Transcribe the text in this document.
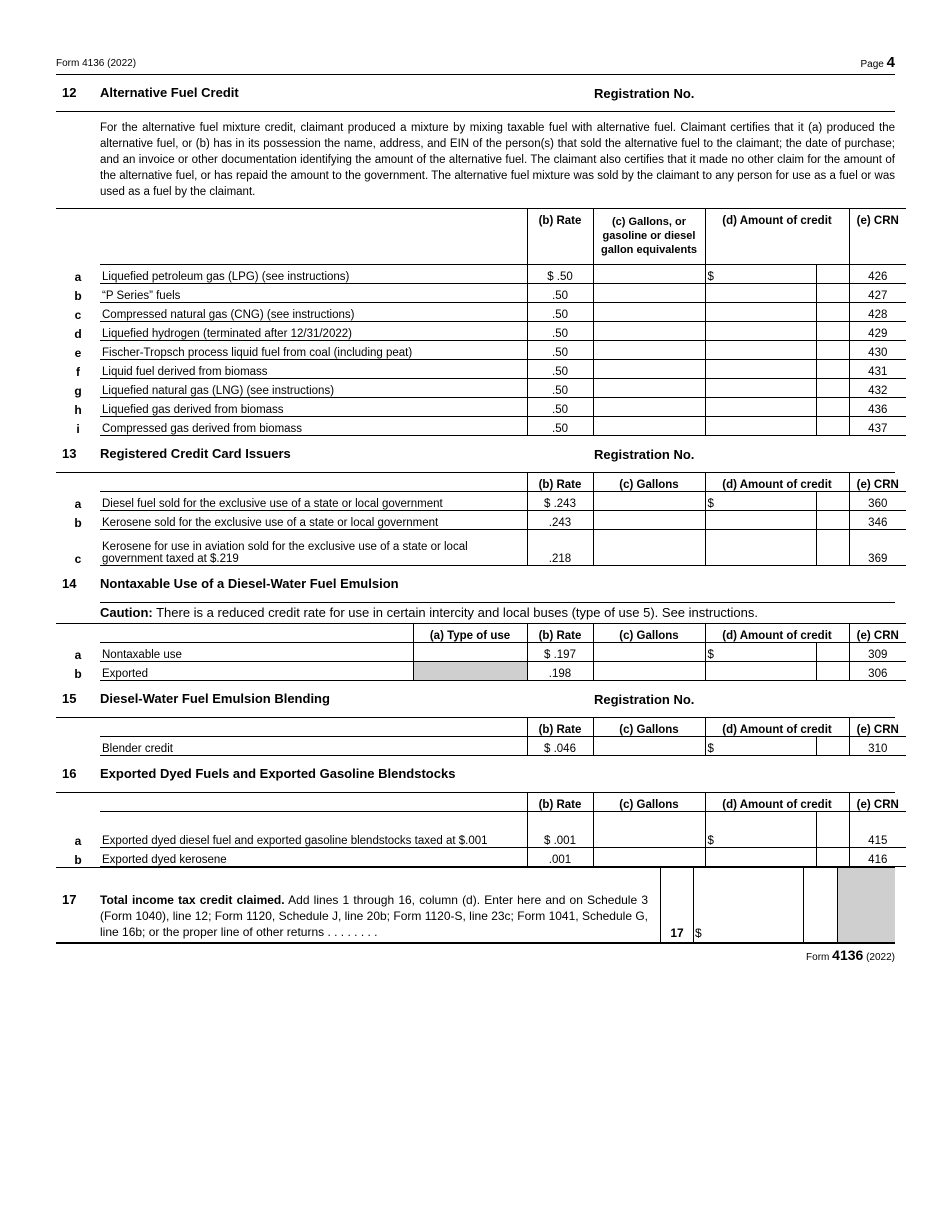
Form 4136 (2022)	Page 4
12 Alternative Fuel Credit	Registration No.
For the alternative fuel mixture credit, claimant produced a mixture by mixing taxable fuel with alternative fuel. Claimant certifies that it (a) produced the alternative fuel, or (b) has in its possession the name, address, and EIN of the person(s) that sold the alternative fuel to the claimant; the date of purchase; and an invoice or other documentation identifying the amount of the alternative fuel. The claimant also certifies that it made no other claim for the amount of the alternative fuel, or has repaid the amount to the government. The alternative fuel mixture was sold by the claimant to any person for use as a fuel or was used as a fuel by the claimant.
		(b) Rate	(c) Gallons, or gasoline or diesel gallon equivalents	(d) Amount of credit		(e) CRN
a	Liquefied petroleum gas (LPG) (see instructions)	$ .50		$		426
b	“P Series” fuels	.50				427
c	Compressed natural gas (CNG) (see instructions)	.50				428
d	Liquefied hydrogen (terminated after 12/31/2022)	.50				429
e	Fischer-Tropsch process liquid fuel from coal (including peat)	.50				430
f	Liquid fuel derived from biomass	.50				431
g	Liquefied natural gas (LNG) (see instructions)	.50				432
h	Liquefied gas derived from biomass	.50				436
i	Compressed gas derived from biomass	.50				437
13 Registered Credit Card Issuers	Registration No.
		(b) Rate	(c) Gallons	(d) Amount of credit		(e) CRN
a	Diesel fuel sold for the exclusive use of a state or local government	$ .243		$		360
b	Kerosene sold for the exclusive use of a state or local government	.243				346
c	Kerosene for use in aviation sold for the exclusive use of a state or local government taxed at $.219	.218				369
14 Nontaxable Use of a Diesel-Water Fuel Emulsion
Caution: There is a reduced credit rate for use in certain intercity and local buses (type of use 5). See instructions.
		(a) Type of use	(b) Rate	(c) Gallons	(d) Amount of credit		(e) CRN
a	Nontaxable use		$ .197		$		309
b	Exported		.198				306
15 Diesel-Water Fuel Emulsion Blending	Registration No.
		(b) Rate	(c) Gallons	(d) Amount of credit		(e) CRN
	Blender credit	$ .046		$		310
16 Exported Dyed Fuels and Exported Gasoline Blendstocks
		(b) Rate	(c) Gallons	(d) Amount of credit		(e) CRN
a	Exported dyed diesel fuel and exported gasoline blendstocks taxed at $.001	$ .001		$		415
b	Exported dyed kerosene	.001				416
17 Total income tax credit claimed. Add lines 1 through 16, column (d). Enter here and on Schedule 3 (Form 1040), line 12; Form 1120, Schedule J, line 20b; Form 1120-S, line 23c; Form 1041, Schedule G, line 16b; or the proper line of other returns . . . . . . . .	17 $
Form 4136 (2022)
